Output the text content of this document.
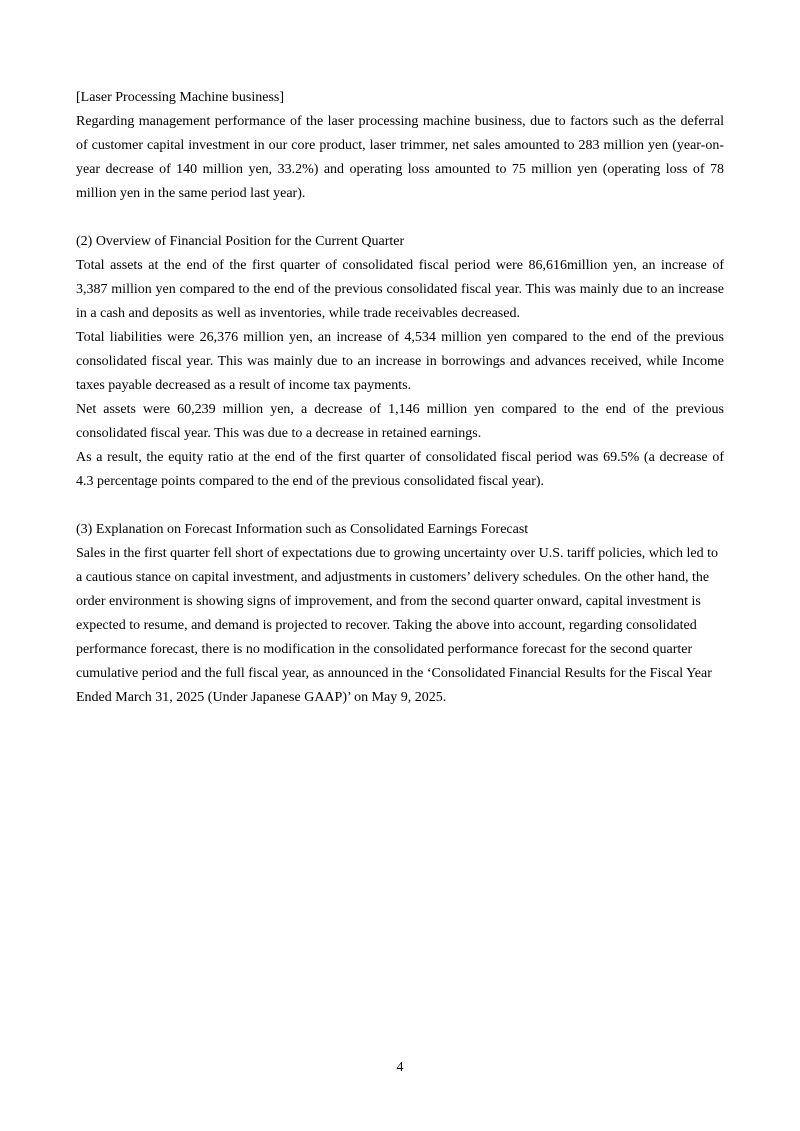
[Laser Processing Machine business]
Regarding management performance of the laser processing machine business, due to factors such as the deferral
of customer capital investment in our core product, laser trimmer, net sales amounted to 283 million yen (year-on-
year decrease of 140 million yen, 33.2%) and operating loss amounted to 75 million yen (operating loss of 78
million yen in the same period last year).
(2) Overview of Financial Position for the Current Quarter
Total assets at the end of the first quarter of consolidated fiscal period were 86,616million yen, an increase of
3,387 million yen compared to the end of the previous consolidated fiscal year. This was mainly due to an increase
in a cash and deposits as well as inventories, while trade receivables decreased.
Total liabilities were 26,376 million yen, an increase of 4,534 million yen compared to the end of the previous
consolidated fiscal year. This was mainly due to an increase in borrowings and advances received, while Income
taxes payable decreased as a result of income tax payments.
Net assets were 60,239 million yen, a decrease of 1,146 million yen compared to the end of the previous
consolidated fiscal year. This was due to a decrease in retained earnings.
As a result, the equity ratio at the end of the first quarter of consolidated fiscal period was 69.5% (a decrease of
4.3 percentage points compared to the end of the previous consolidated fiscal year).
(3) Explanation on Forecast Information such as Consolidated Earnings Forecast
Sales in the first quarter fell short of expectations due to growing uncertainty over U.S. tariff policies, which led to
a cautious stance on capital investment, and adjustments in customers’ delivery schedules. On the other hand, the
order environment is showing signs of improvement, and from the second quarter onward, capital investment is
expected to resume, and demand is projected to recover. Taking the above into account, regarding consolidated
performance forecast, there is no modification in the consolidated performance forecast for the second quarter
cumulative period and the full fiscal year, as announced in the ‘Consolidated Financial Results for the Fiscal Year
Ended March 31, 2025 (Under Japanese GAAP)’ on May 9, 2025.
4
